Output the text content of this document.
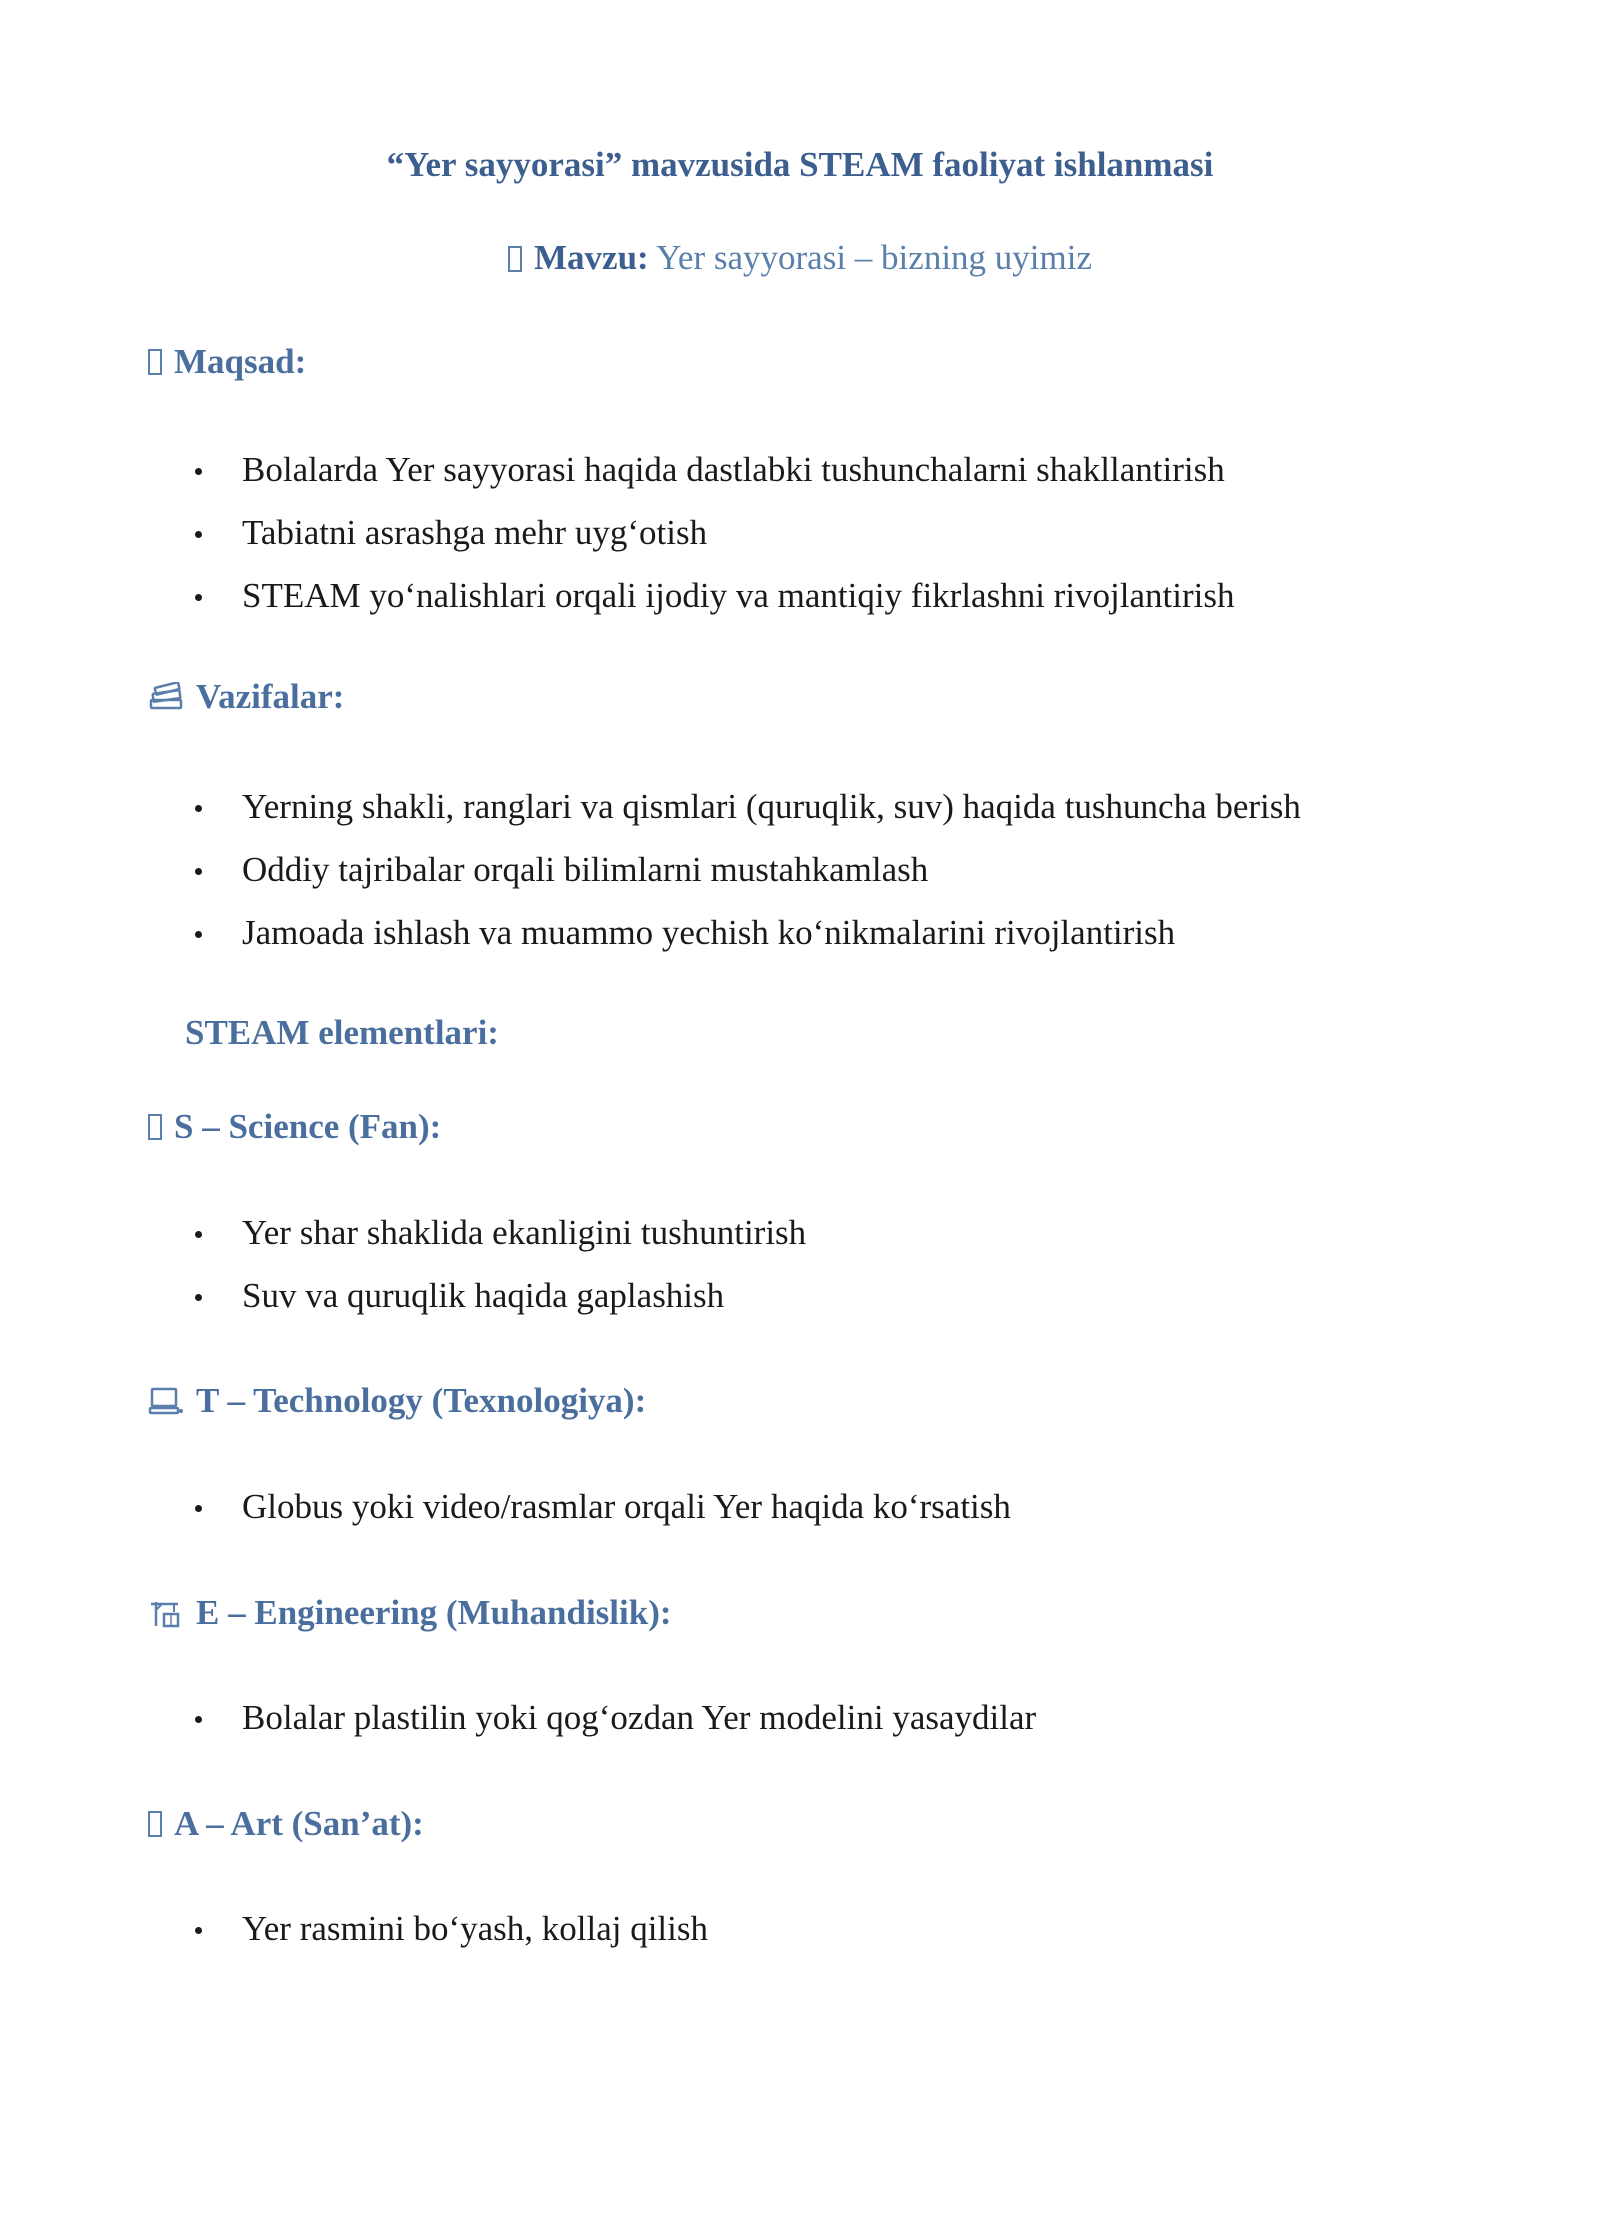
“Yer sayyorasi” mavzusida STEAM faoliyat ishlanmasi
Mavzu: Yer sayyorasi – bizning uyimiz
Maqsad:
Bolalarda Yer sayyorasi haqida dastlabki tushunchalarni shakllantirish
Tabiatni asrashga mehr uyg‘otish
STEAM yo‘nalishlari orqali ijodiy va mantiqiy fikrlashni rivojlantirish
Vazifalar:
Yerning shakli, ranglari va qismlari (quruqlik, suv) haqida tushuncha berish
Oddiy tajribalar orqali bilimlarni mustahkamlash
Jamoada ishlash va muammo yechish ko‘nikmalarini rivojlantirish
STEAM elementlari:
S – Science (Fan):
Yer shar shaklida ekanligini tushuntirish
Suv va quruqlik haqida gaplashish
T – Technology (Texnologiya):
Globus yoki video/rasmlar orqali Yer haqida ko‘rsatish
E – Engineering (Muhandislik):
Bolalar plastilin yoki qog‘ozdan Yer modelini yasaydilar
A – Art (San’at):
Yer rasmini bo‘yash, kollaj qilish
